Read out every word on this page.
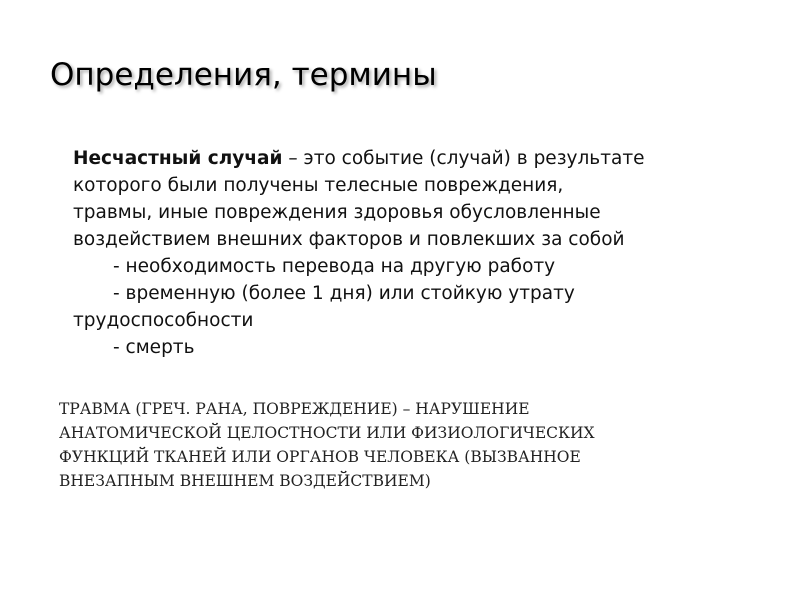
Определения, термины
Несчастный случай – это событие (случай) в результате
которого были получены телесные повреждения,
травмы, иные повреждения здоровья обусловленные
воздействием внешних факторов и повлекших за собой
- необходимость перевода на другую работу
- временную (более 1 дня) или стойкую утрату
трудоспособности
- смерть
ТРАВМА (ГРЕЧ. РАНА, ПОВРЕЖДЕНИЕ) – НАРУШЕНИЕ
АНАТОМИЧЕСКОЙ ЦЕЛОСТНОСТИ ИЛИ ФИЗИОЛОГИЧЕСКИХ
ФУНКЦИЙ ТКАНЕЙ ИЛИ ОРГАНОВ ЧЕЛОВЕКА (ВЫЗВАННОЕ
ВНЕЗАПНЫМ ВНЕШНЕМ ВОЗДЕЙСТВИЕМ)
